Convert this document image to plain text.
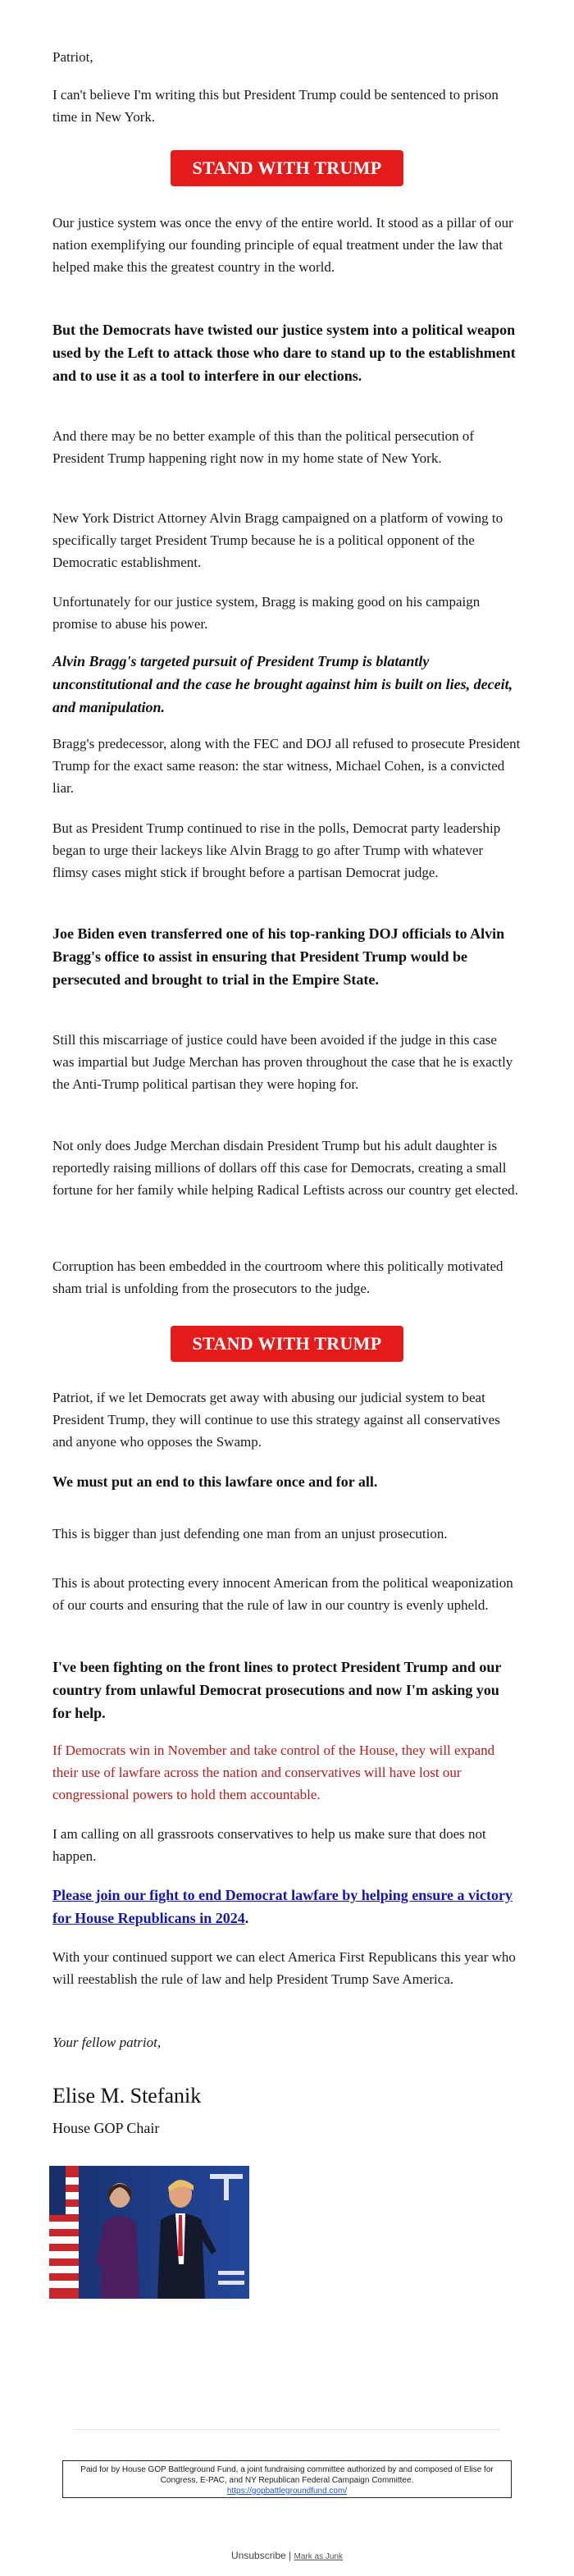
Patriot,

I can't believe I'm writing this but President Trump could be sentenced to prison time in New York.

STAND WITH TRUMP

Our justice system was once the envy of the entire world. It stood as a pillar of our nation exemplifying our founding principle of equal treatment under the law that helped make this the greatest country in the world.

But the Democrats have twisted our justice system into a political weapon used by the Left to attack those who dare to stand up to the establishment and to use it as a tool to interfere in our elections.

And there may be no better example of this than the political persecution of President Trump happening right now in my home state of New York.

New York District Attorney Alvin Bragg campaigned on a platform of vowing to specifically target President Trump because he is a political opponent of the Democratic establishment.

Unfortunately for our justice system, Bragg is making good on his campaign promise to abuse his power.

Alvin Bragg's targeted pursuit of President Trump is blatantly unconstitutional and the case he brought against him is built on lies, deceit, and manipulation.

Bragg's predecessor, along with the FEC and DOJ all refused to prosecute President Trump for the exact same reason: the star witness, Michael Cohen, is a convicted liar.

But as President Trump continued to rise in the polls, Democrat party leadership began to urge their lackeys like Alvin Bragg to go after Trump with whatever flimsy cases might stick if brought before a partisan Democrat judge.

Joe Biden even transferred one of his top-ranking DOJ officials to Alvin Bragg's office to assist in ensuring that President Trump would be persecuted and brought to trial in the Empire State.

Still this miscarriage of justice could have been avoided if the judge in this case was impartial but Judge Merchan has proven throughout the case that he is exactly the Anti-Trump political partisan they were hoping for.

Not only does Judge Merchan disdain President Trump but his adult daughter is reportedly raising millions of dollars off this case for Democrats, creating a small fortune for her family while helping Radical Leftists across our country get elected.

Corruption has been embedded in the courtroom where this politically motivated sham trial is unfolding from the prosecutors to the judge.

STAND WITH TRUMP

Patriot, if we let Democrats get away with abusing our judicial system to beat President Trump, they will continue to use this strategy against all conservatives and anyone who opposes the Swamp.

We must put an end to this lawfare once and for all.

This is bigger than just defending one man from an unjust prosecution.

This is about protecting every innocent American from the political weaponization of our courts and ensuring that the rule of law in our country is evenly upheld.

I've been fighting on the front lines to protect President Trump and our country from unlawful Democrat prosecutions and now I'm asking you for help.

If Democrats win in November and take control of the House, they will expand their use of lawfare across the nation and conservatives will have lost our congressional powers to hold them accountable.

I am calling on all grassroots conservatives to help us make sure that does not happen.

Please join our fight to end Democrat lawfare by helping ensure a victory for House Republicans in 2024.

With your continued support we can elect America First Republicans this year who will reestablish the rule of law and help President Trump Save America.

Your fellow patriot,

Elise M. Stefanik
House GOP Chair
Paid for by House GOP Battleground Fund, a joint fundraising committee authorized by and composed of Elise for Congress, E-PAC, and NY Republican Federal Campaign Committee.
https://gopbattlegroundfund.com/
Unsubscribe | Mark as Junk
